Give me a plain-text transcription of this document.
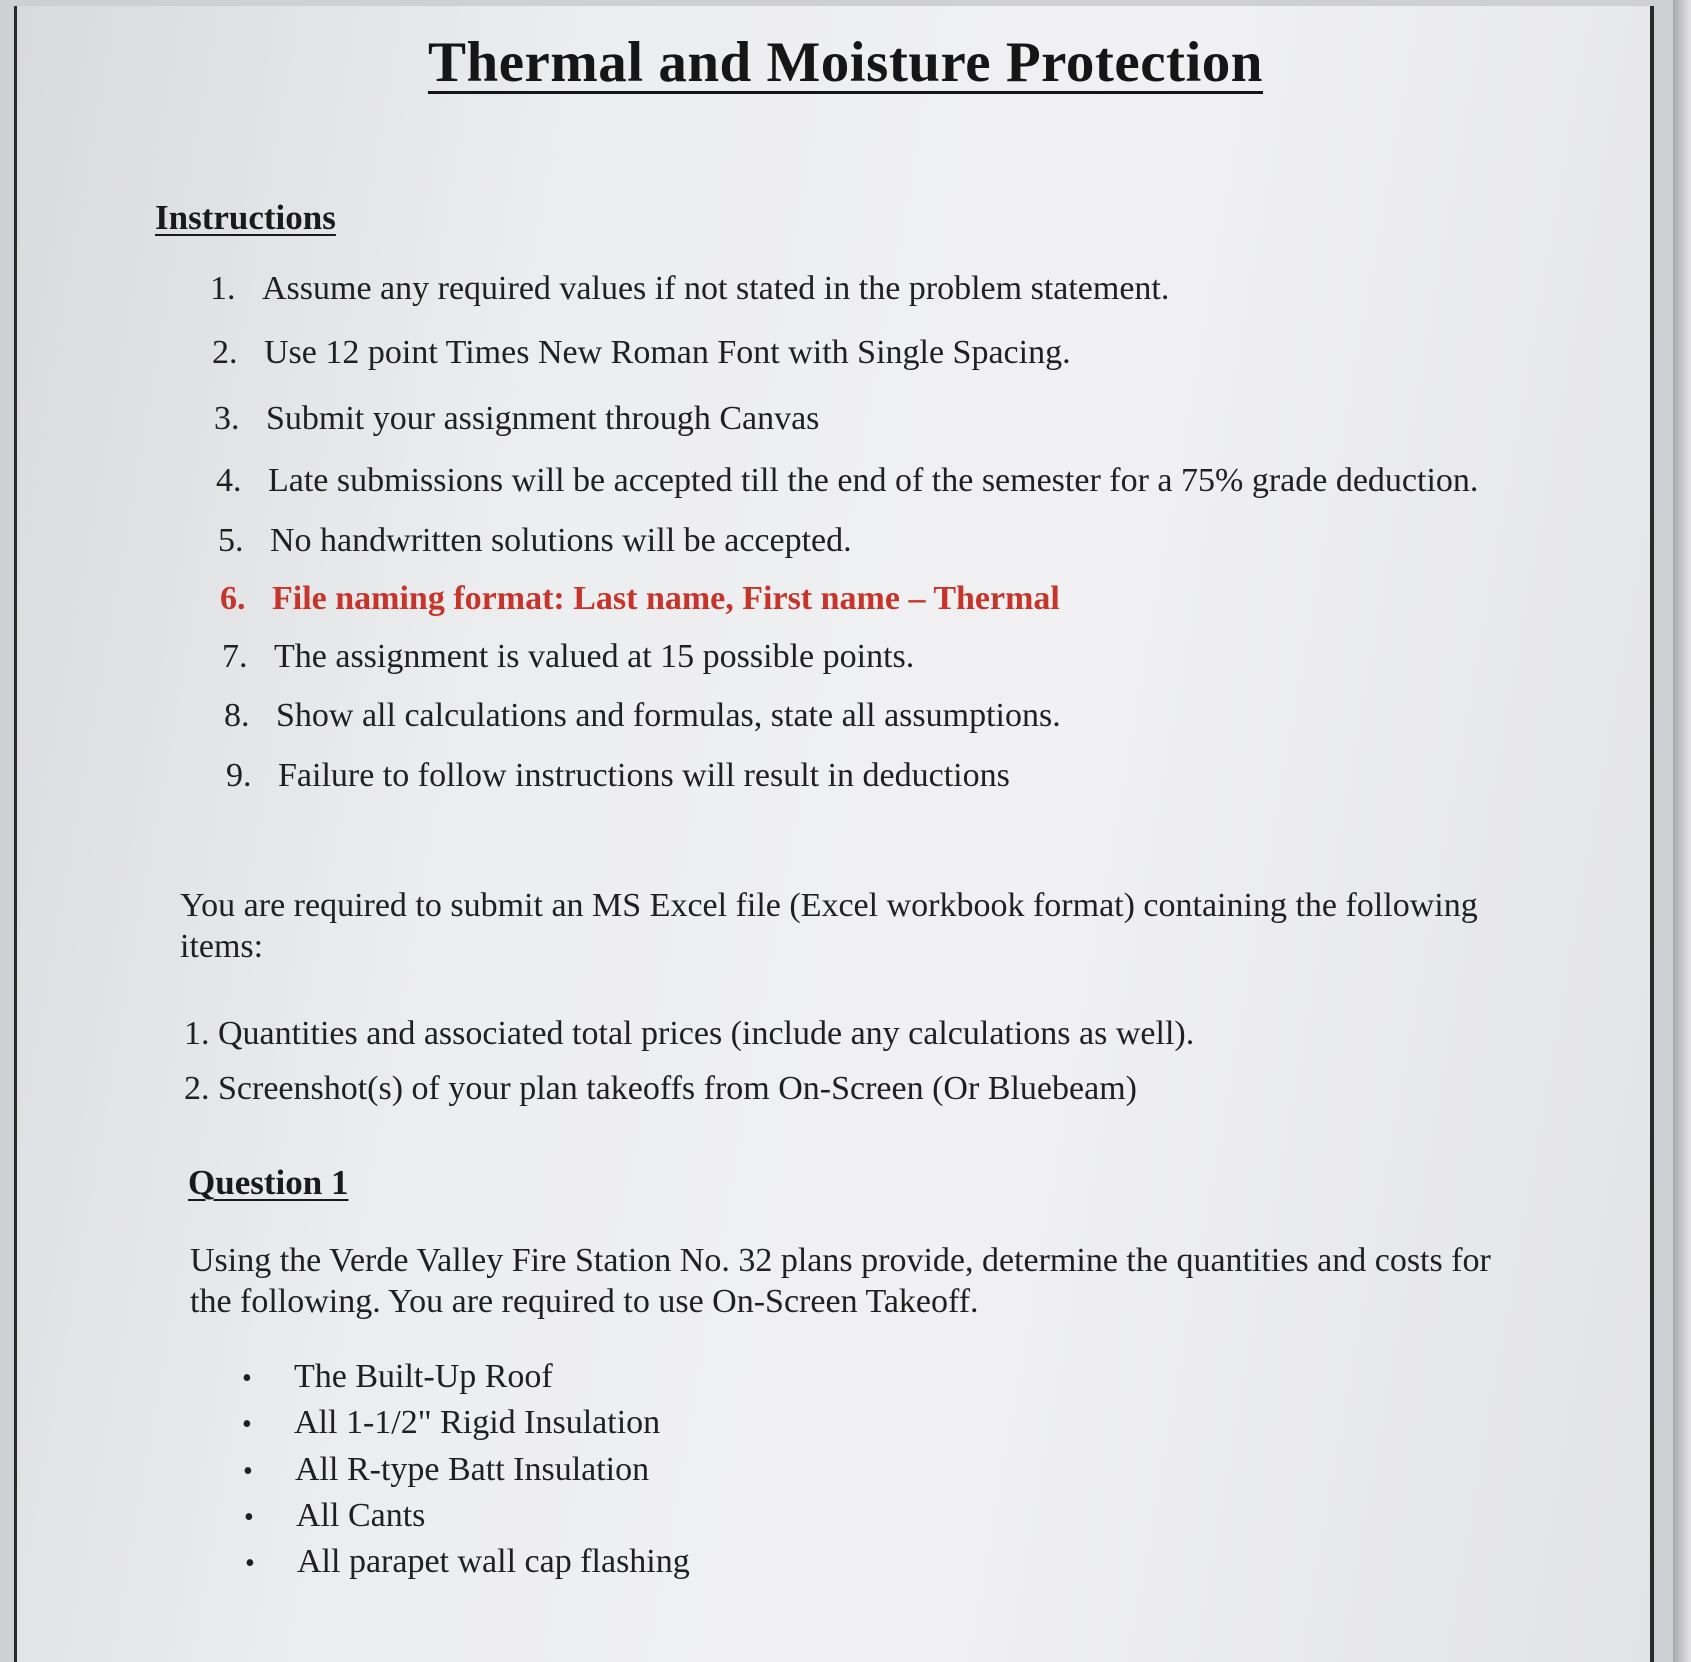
Thermal and Moisture Protection
Instructions
1. Assume any required values if not stated in the problem statement.
2. Use 12 point Times New Roman Font with Single Spacing.
3. Submit your assignment through Canvas
4. Late submissions will be accepted till the end of the semester for a 75% grade deduction.
5. No handwritten solutions will be accepted.
6. File naming format: Last name, First name – Thermal
7. The assignment is valued at 15 possible points.
8. Show all calculations and formulas, state all assumptions.
9. Failure to follow instructions will result in deductions
You are required to submit an MS Excel file (Excel workbook format) containing the following items:
1. Quantities and associated total prices (include any calculations as well).
2. Screenshot(s) of your plan takeoffs from On-Screen (Or Bluebeam)
Question 1
Using the Verde Valley Fire Station No. 32 plans provide, determine the quantities and costs for the following. You are required to use On-Screen Takeoff.
• The Built-Up Roof
• All 1-1/2" Rigid Insulation
• All R-type Batt Insulation
• All Cants
• All parapet wall cap flashing
